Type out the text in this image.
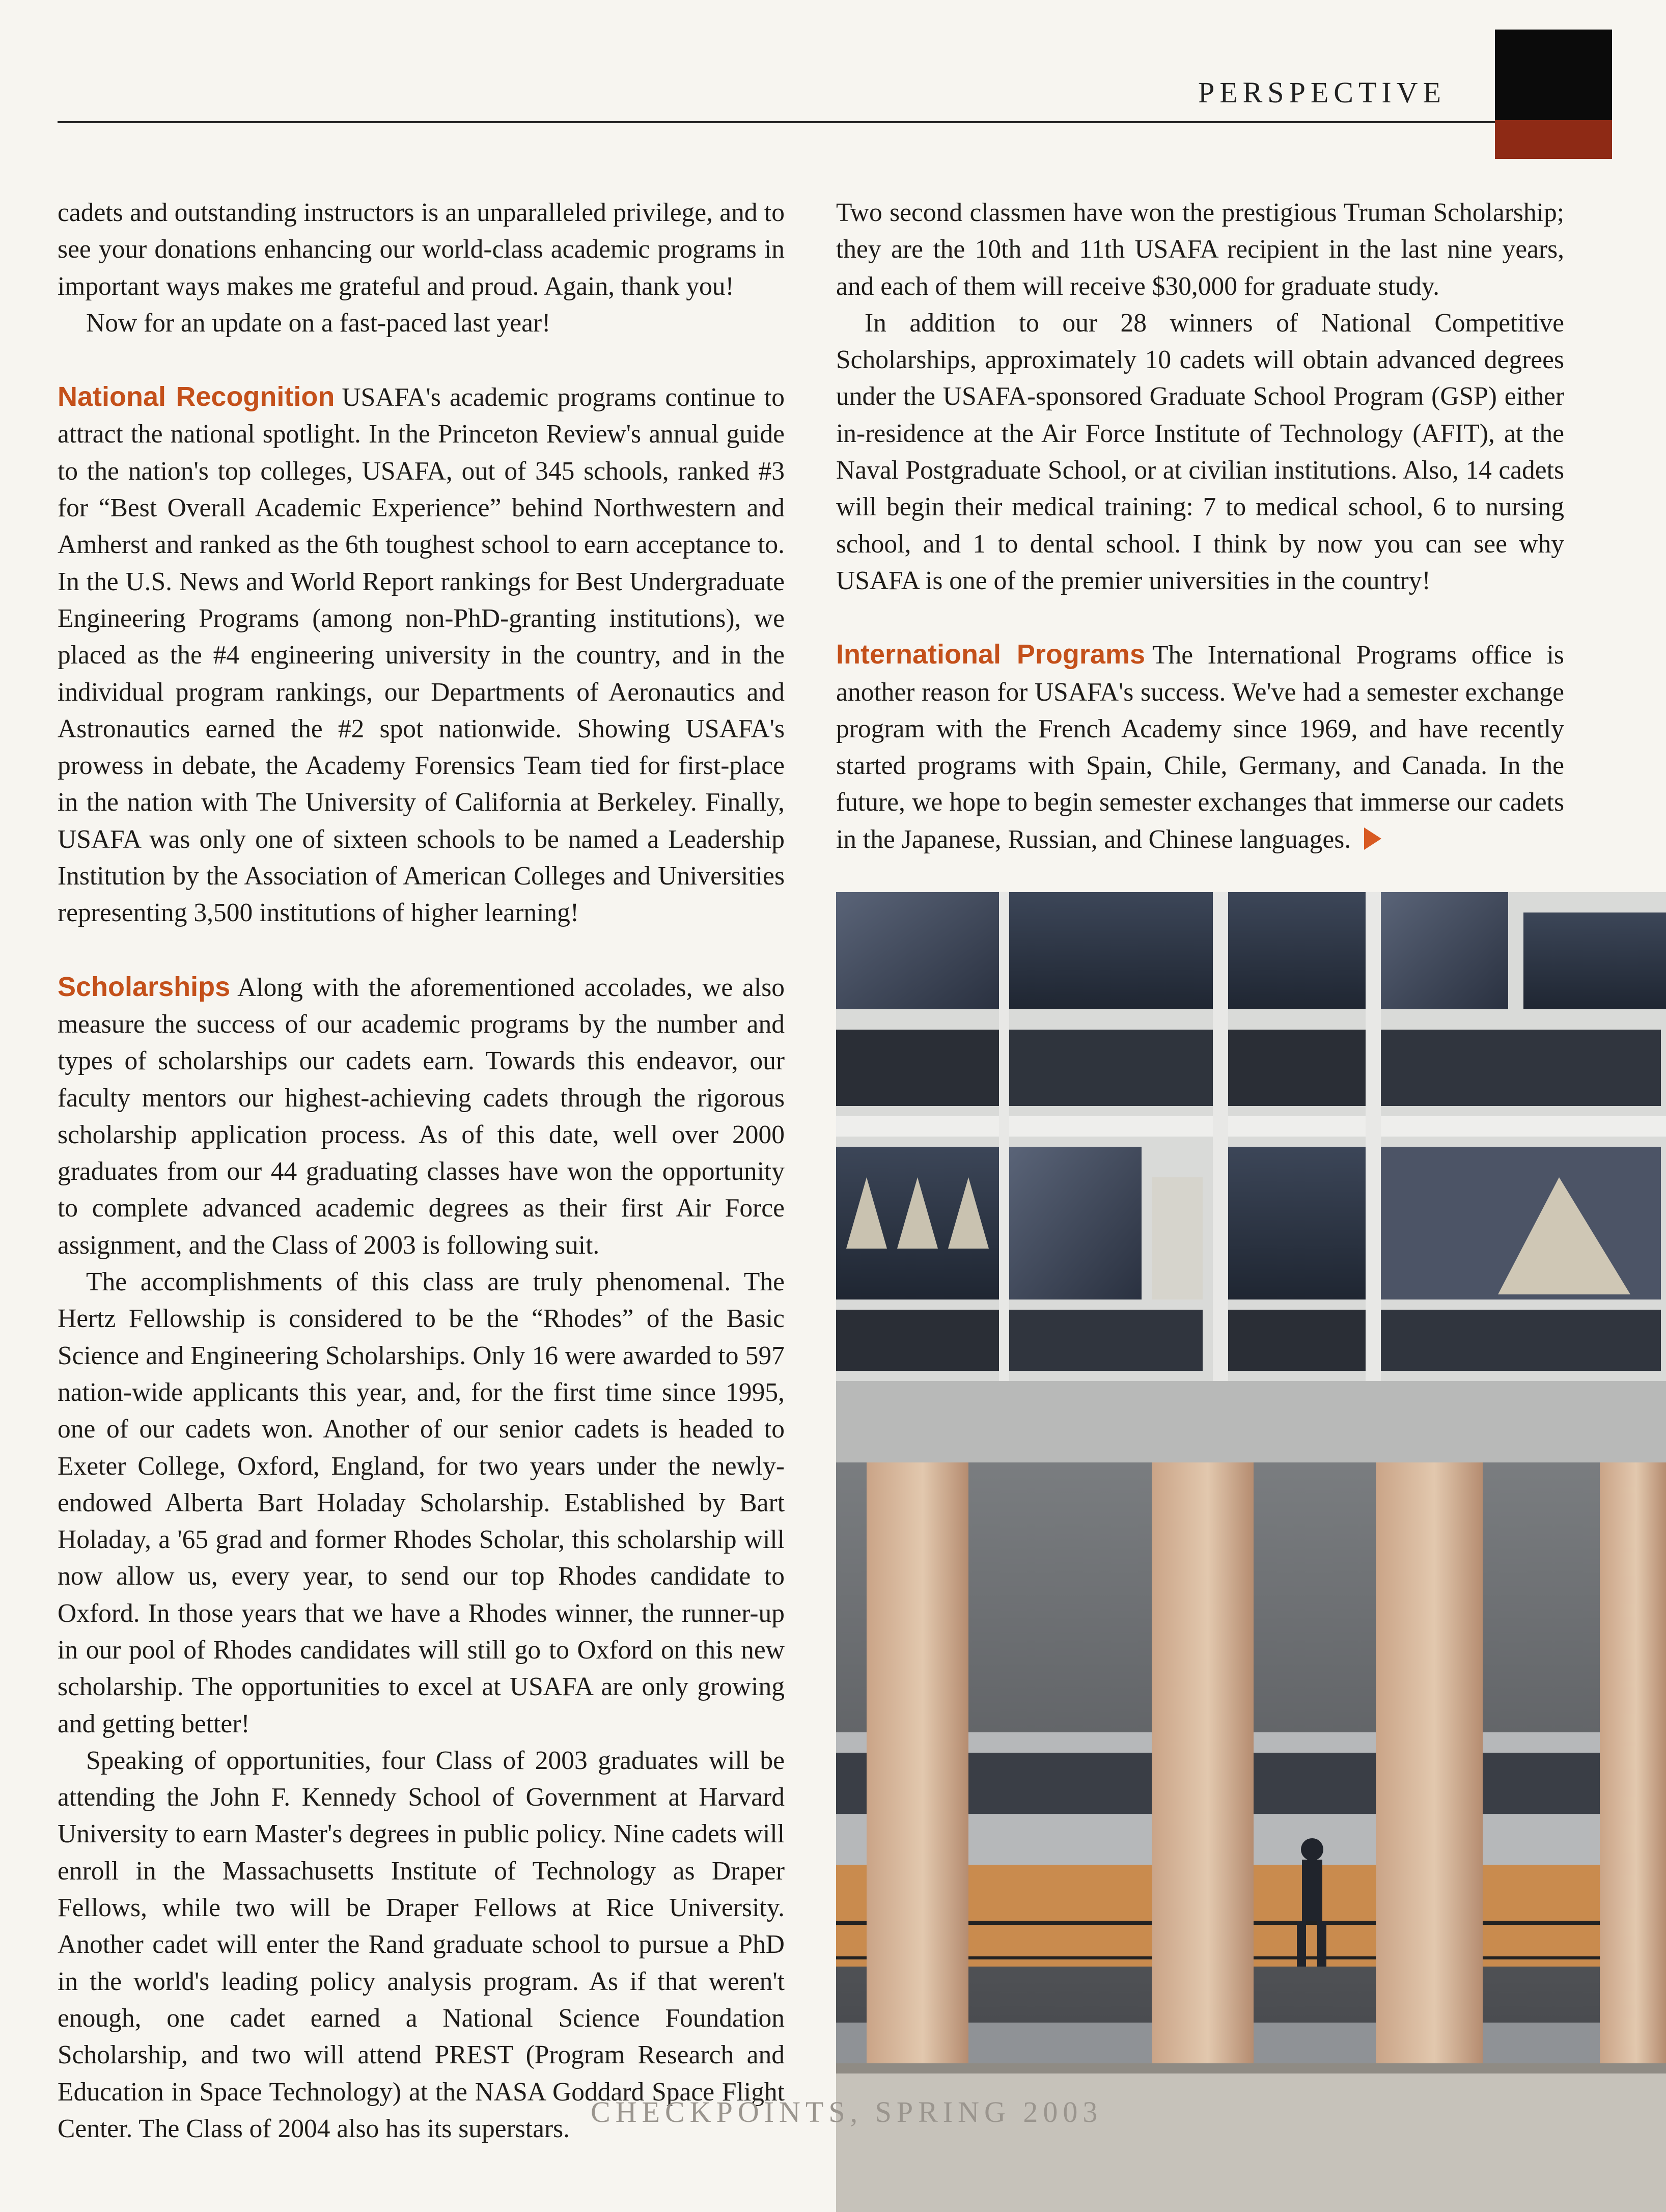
PERSPECTIVE

cadets and outstanding instructors is an unparalleled privilege, and to see your donations enhancing our world-class academic programs in important ways makes me grateful and proud. Again, thank you!

Now for an update on a fast-paced last year!

National Recognition USAFA's academic programs continue to attract the national spotlight. In the Princeton Review's annual guide to the nation's top colleges, USAFA, out of 345 schools, ranked #3 for “Best Overall Academic Experience” behind Northwestern and Amherst and ranked as the 6th toughest school to earn acceptance to. In the U.S. News and World Report rankings for Best Undergraduate Engineering Programs (among non-PhD-granting institutions), we placed as the #4 engineering university in the country, and in the individual program rankings, our Departments of Aeronautics and Astronautics earned the #2 spot nationwide. Showing USAFA's prowess in debate, the Academy Forensics Team tied for first-place in the nation with The University of California at Berkeley. Finally, USAFA was only one of sixteen schools to be named a Leadership Institution by the Association of American Colleges and Universities representing 3,500 institutions of higher learning!

Scholarships Along with the aforementioned accolades, we also measure the success of our academic programs by the number and types of scholarships our cadets earn. Towards this endeavor, our faculty mentors our highest-achieving cadets through the rigorous scholarship application process. As of this date, well over 2000 graduates from our 44 graduating classes have won the opportunity to complete advanced academic degrees as their first Air Force assignment, and the Class of 2003 is following suit.

The accomplishments of this class are truly phenomenal. The Hertz Fellowship is considered to be the “Rhodes” of the Basic Science and Engineering Scholarships. Only 16 were awarded to 597 nation-wide applicants this year, and, for the first time since 1995, one of our cadets won. Another of our senior cadets is headed to Exeter College, Oxford, England, for two years under the newly-endowed Alberta Bart Holaday Scholarship. Established by Bart Holaday, a '65 grad and former Rhodes Scholar, this scholarship will now allow us, every year, to send our top Rhodes candidate to Oxford. In those years that we have a Rhodes winner, the runner-up in our pool of Rhodes candidates will still go to Oxford on this new scholarship. The opportunities to excel at USAFA are only growing and getting better!

Speaking of opportunities, four Class of 2003 graduates will be attending the John F. Kennedy School of Government at Harvard University to earn Master's degrees in public policy. Nine cadets will enroll in the Massachusetts Institute of Technology as Draper Fellows, while two will be Draper Fellows at Rice University. Another cadet will enter the Rand graduate school to pursue a PhD in the world's leading policy analysis program. As if that weren't enough, one cadet earned a National Science Foundation Scholarship, and two will attend PREST (Program Research and Education in Space Technology) at the NASA Goddard Space Flight Center. The Class of 2004 also has its superstars.

Two second classmen have won the prestigious Truman Scholarship; they are the 10th and 11th USAFA recipient in the last nine years, and each of them will receive $30,000 for graduate study.

In addition to our 28 winners of National Competitive Scholarships, approximately 10 cadets will obtain advanced degrees under the USAFA-sponsored Graduate School Program (GSP) either in-residence at the Air Force Institute of Technology (AFIT), at the Naval Postgraduate School, or at civilian institutions. Also, 14 cadets will begin their medical training: 7 to medical school, 6 to nursing school, and 1 to dental school. I think by now you can see why USAFA is one of the premier universities in the country!

International Programs The International Programs office is another reason for USAFA's success. We've had a semester exchange program with the French Academy since 1969, and have recently started programs with Spain, Chile, Germany, and Canada. In the future, we hope to begin semester exchanges that immerse our cadets in the Japanese, Russian, and Chinese languages.

CHECKPOINTS, SPRING 2003
